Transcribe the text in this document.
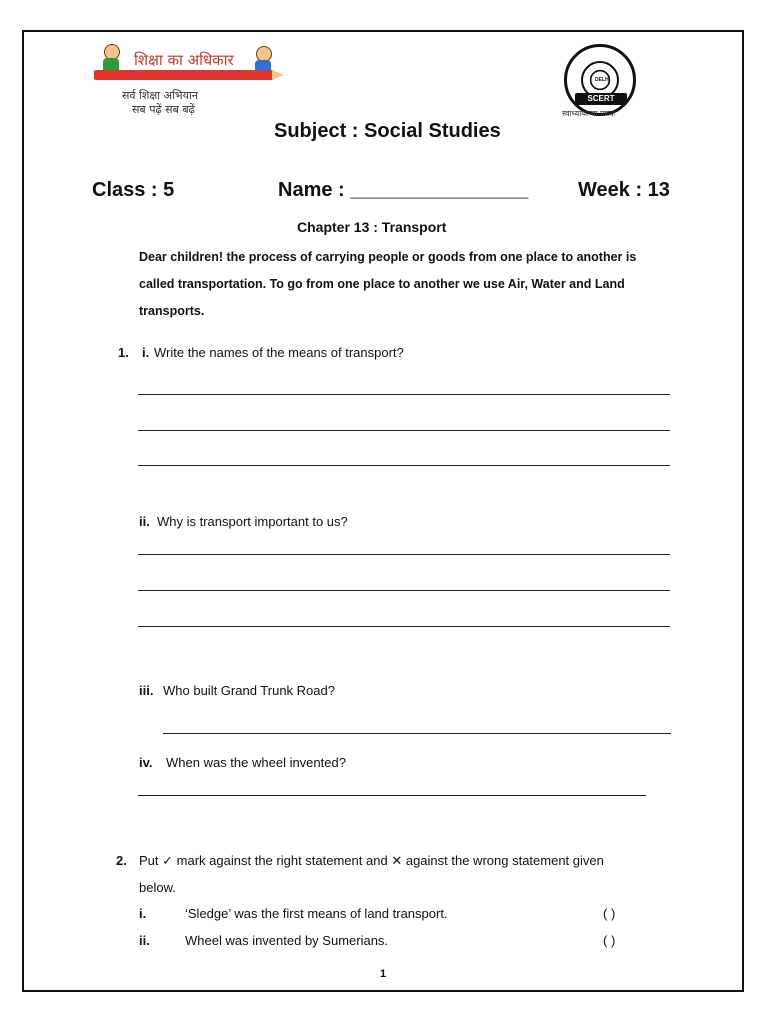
शिक्षा का अधिकार
सर्व शिक्षा अभियान
सब पढ़ें सब बढ़ें
DELHI
SCERT
स्वाध्यायान्मा प्रमदः
Subject : Social Studies
Class : 5	Name : ________________ Week : 13
Chapter 13 : Transport
Dear children! the process of carrying people or goods from one place to another is
called transportation. To go from one place to another we use Air, Water and Land
transports.
1. i. Write the names of the means of transport?
ii. Why is transport important to us?
iii. Who built Grand Trunk Road?
iv. When was the wheel invented?
2. Put ✓ mark against the right statement and ✕ against the wrong statement given
below.
i.	‘Sledge’ was the first means of land transport.	( )
ii.	Wheel was invented by Sumerians.	( )
1
